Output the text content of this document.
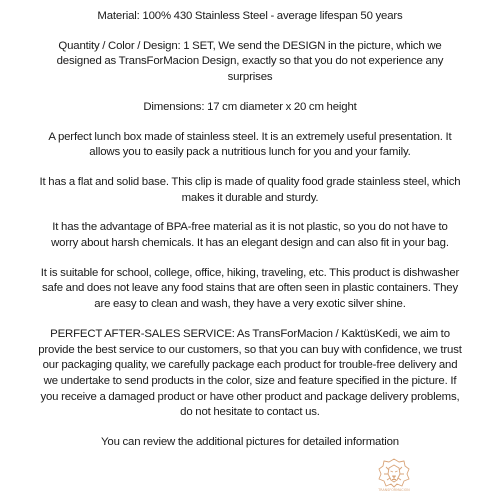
Material: 100% 430 Stainless Steel - average lifespan 50 years

Quantity / Color / Design: 1 SET, We send the DESIGN in the picture, which we designed as TransForMacion Design, exactly so that you do not experience any surprises

Dimensions: 17 cm diameter x 20 cm height

A perfect lunch box made of stainless steel. It is an extremely useful presentation. It allows you to easily pack a nutritious lunch for you and your family.

It has a flat and solid base. This clip is made of quality food grade stainless steel, which makes it durable and sturdy.

It has the advantage of BPA-free material as it is not plastic, so you do not have to worry about harsh chemicals. It has an elegant design and can also fit in your bag.

It is suitable for school, college, office, hiking, traveling, etc. This product is dishwasher safe and does not leave any food stains that are often seen in plastic containers. They are easy to clean and wash, they have a very exotic silver shine.

PERFECT AFTER-SALES SERVICE: As TransForMacion / KaktüsKedi, we aim to provide the best service to our customers, so that you can buy with confidence, we trust our packaging quality, we carefully package each product for trouble-free delivery and we undertake to send products in the color, size and feature specified in the picture. If you receive a damaged product or have other product and package delivery problems, do not hesitate to contact us.

You can review the additional pictures for detailed information

TRANSFORMACION
